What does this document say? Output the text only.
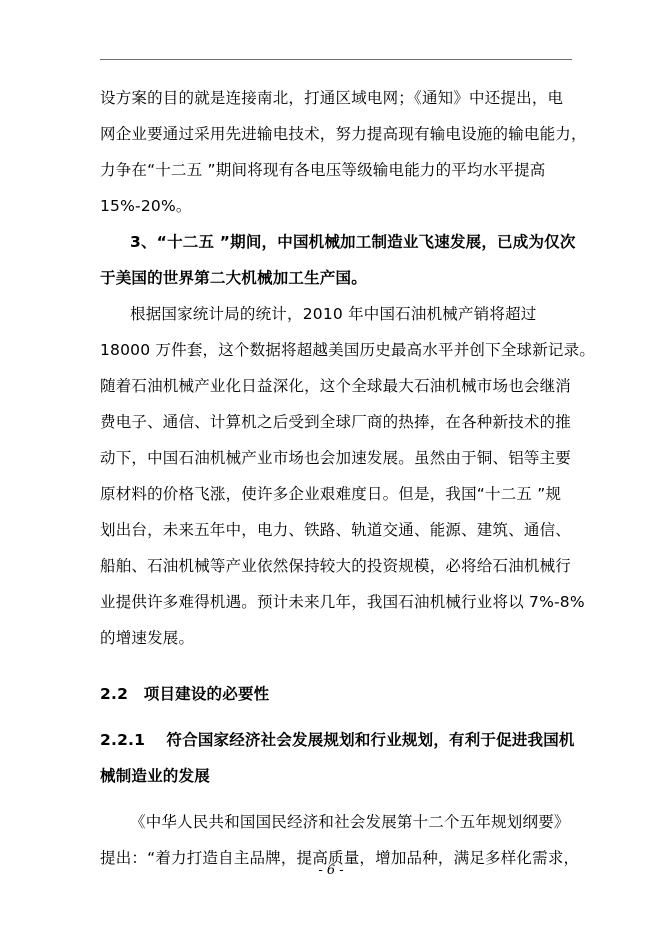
设方案的目的就是连接南北，打通区域电网；《通知》中还提出，电
网企业要通过采用先进输电技术，努力提高现有输电设施的输电能力，
力争在“十二五 ”期间将现有各电压等级输电能力的平均水平提高
15%-20%。
3、“十二五 ”期间，中国机械加工制造业飞速发展，已成为仅次
于美国的世界第二大机械加工生产国。
根据国家统计局的统计，2010 年中国石油机械产销将超过
18000 万件套，这个数据将超越美国历史最高水平并创下全球新记录。
随着石油机械产业化日益深化，这个全球最大石油机械市场也会继消
费电子、通信、计算机之后受到全球厂商的热捧，在各种新技术的推
动下，中国石油机械产业市场也会加速发展。虽然由于铜、铝等主要
原材料的价格飞涨，使许多企业艰难度日。但是，我国“十二五 ”规
划出台，未来五年中，电力、铁路、轨道交通、能源、建筑、通信、
船舶、石油机械等产业依然保持较大的投资规模，必将给石油机械行
业提供许多难得机遇。预计未来几年，我国石油机械行业将以 7%-8%
的增速发展。
2.2　项目建设的必要性
2.2.1　 符合国家经济社会发展规划和行业规划，有利于促进我国机
械制造业的发展
《中华人民共和国国民经济和社会发展第十二个五年规划纲要》
提出：“着力打造自主品牌，提高质量，增加品种，满足多样化需求，
- 6 -
